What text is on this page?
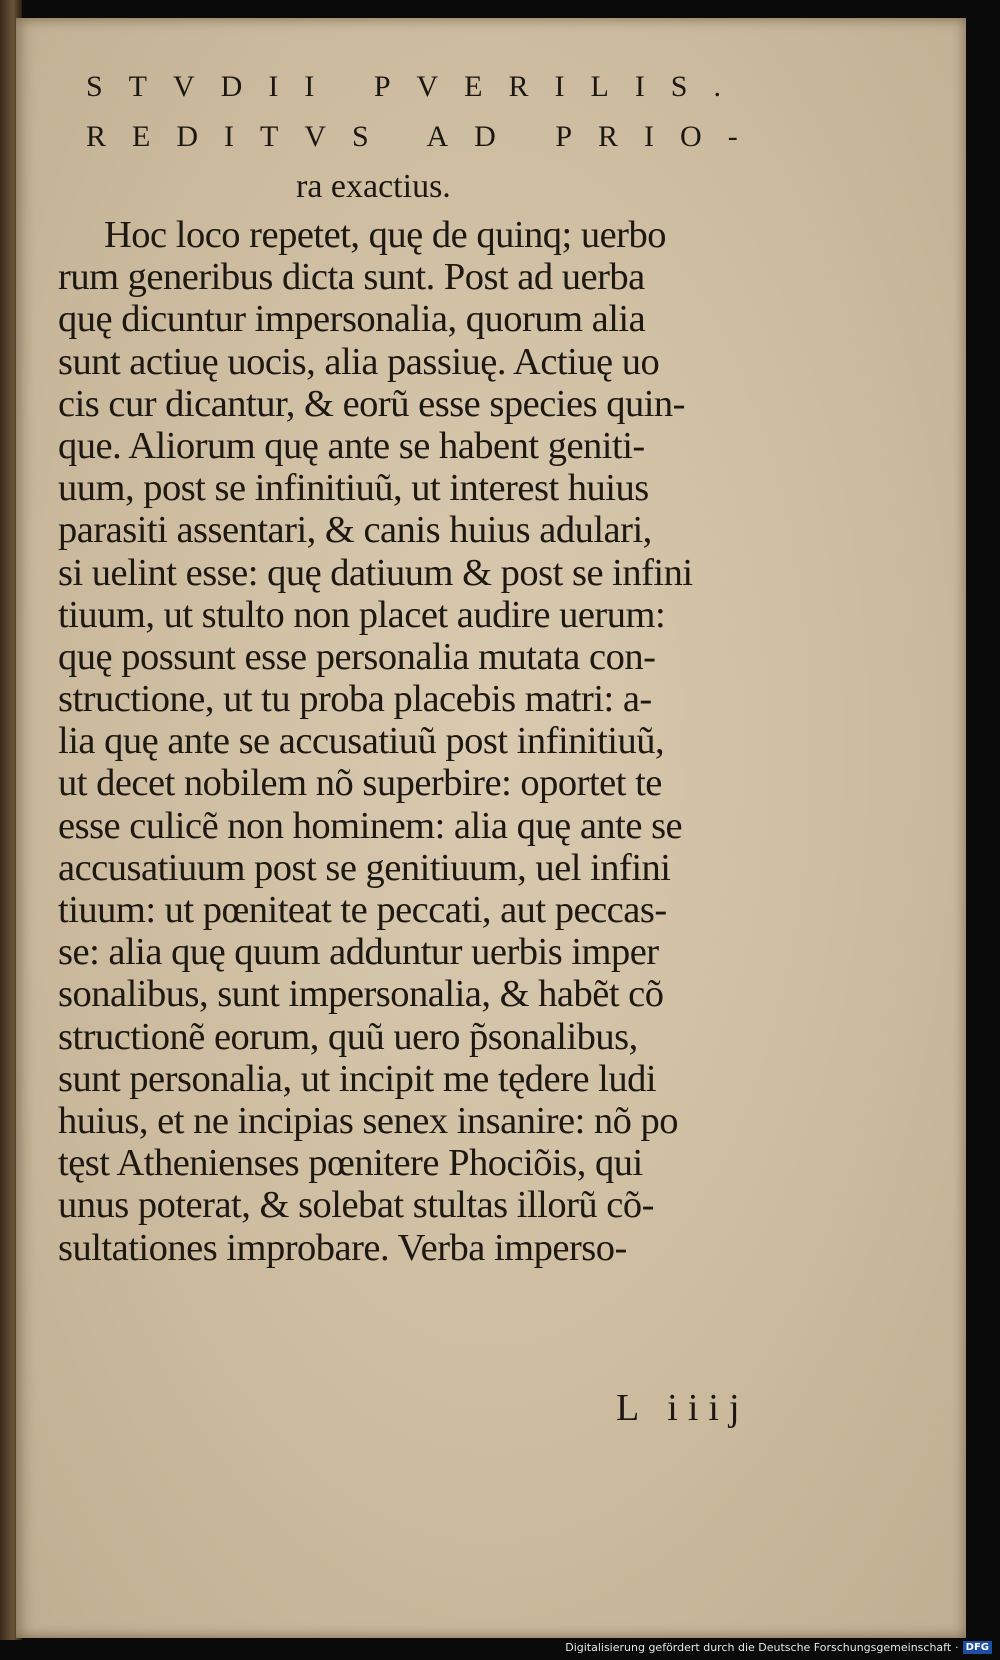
STVDII PVERILIS.
REDITVS AD PRIO-
ra exactius.
Hoc loco repetet, quę de quinq; uerbo
rum generibus dicta sunt. Post ad uerba
quę dicuntur impersonalia, quorum alia
sunt actiuę uocis, alia passiuę. Actiuę uo
cis cur dicantur, & eorũ esse species quin-
que. Aliorum quę ante se habent geniti-
uum, post se infinitiuũ, ut interest huius
parasiti assentari, & canis huius adulari,
si uelint esse: quę datiuum & post se infini
tiuum, ut stulto non placet audire uerum:
quę possunt esse personalia mutata con-
structione, ut tu proba placebis matri: a-
lia quę ante se accusatiuũ post infinitiuũ,
ut decet nobilem nõ superbire: oportet te
esse culicẽ non hominem: alia quę ante se
accusatiuum post se genitiuum, uel infini
tiuum: ut pœniteat te peccati, aut peccas-
se: alia quę quum adduntur uerbis imper
sonalibus, sunt impersonalia, & habẽt cõ
structionẽ eorum, quũ uero p̃sonalibus,
sunt personalia, ut incipit me tędere ludi
huius, et ne incipias senex insanire: nõ po
tęst Athenienses pœnitere Phociõis, qui
unus poterat, & solebat stultas illorũ cõ-
sultationes improbare. Verba imperso-
L iiij
Digitalisierung gefördert durch die Deutsche Forschungsgemeinschaft · DFG
